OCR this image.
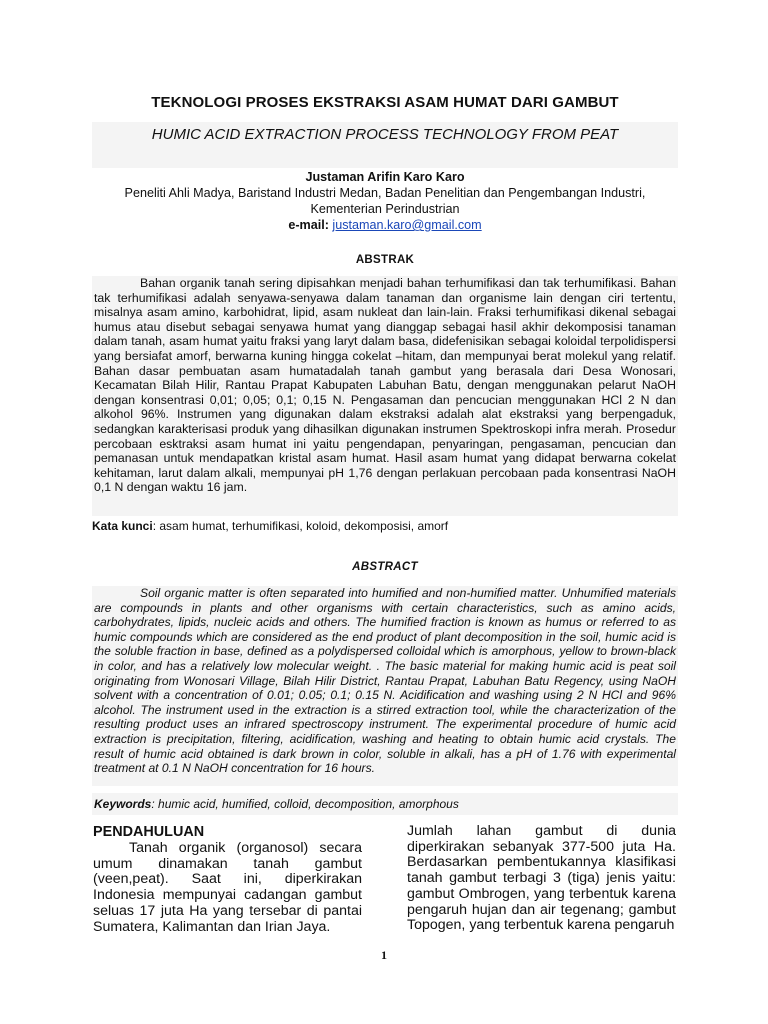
TEKNOLOGI PROSES EKSTRAKSI ASAM HUMAT DARI GAMBUT
HUMIC ACID EXTRACTION PROCESS TECHNOLOGY FROM PEAT
Justaman Arifin Karo Karo
Peneliti Ahli Madya, Baristand Industri Medan, Badan Penelitian dan Pengembangan Industri,
Kementerian Perindustrian
e-mail: justaman.karo@gmail.com
ABSTRAK

Bahan organik tanah sering dipisahkan menjadi bahan terhumifikasi dan tak terhumifikasi. Bahan tak terhumifikasi adalah senyawa-senyawa dalam tanaman dan organisme lain dengan ciri tertentu, misalnya asam amino, karbohidrat, lipid, asam nukleat dan lain-lain. Fraksi terhumifikasi dikenal sebagai humus atau disebut sebagai senyawa humat yang dianggap sebagai hasil akhir dekomposisi tanaman dalam tanah, asam humat yaitu fraksi yang laryt dalam basa, didefenisikan sebagai koloidal terpolidispersi yang bersiafat amorf, berwarna kuning hingga cokelat –hitam, dan mempunyai berat molekul yang relatif. Bahan dasar pembuatan asam humatadalah tanah gambut yang berasala dari Desa Wonosari, Kecamatan Bilah Hilir, Rantau Prapat Kabupaten Labuhan Batu, dengan menggunakan pelarut NaOH dengan konsentrasi 0,01; 0,05; 0,1; 0,15 N. Pengasaman dan pencucian menggunakan HCl 2 N dan alkohol 96%. Instrumen yang digunakan dalam ekstraksi adalah alat ekstraksi yang berpengaduk, sedangkan karakterisasi produk yang dihasilkan digunakan instrumen Spektroskopi infra merah. Prosedur percobaan esktraksi asam humat ini yaitu pengendapan, penyaringan, pengasaman, pencucian dan pemanasan untuk mendapatkan kristal asam humat. Hasil asam humat yang didapat berwarna cokelat kehitaman, larut dalam alkali, mempunyai pH 1,76 dengan perlakuan percobaan pada konsentrasi NaOH 0,1 N dengan waktu 16 jam.

Kata kunci: asam humat, terhumifikasi, koloid, dekomposisi, amorf
ABSTRACT

Soil organic matter is often separated into humified and non-humified matter. Unhumified materials are compounds in plants and other organisms with certain characteristics, such as amino acids, carbohydrates, lipids, nucleic acids and others. The humified fraction is known as humus or referred to as humic compounds which are considered as the end product of plant decomposition in the soil, humic acid is the soluble fraction in base, defined as a polydispersed colloidal which is amorphous, yellow to brown-black in color, and has a relatively low molecular weight. . The basic material for making humic acid is peat soil originating from Wonosari Village, Bilah Hilir District, Rantau Prapat, Labuhan Batu Regency, using NaOH solvent with a concentration of 0.01; 0.05; 0.1; 0.15 N. Acidification and washing using 2 N HCl and 96% alcohol. The instrument used in the extraction is a stirred extraction tool, while the characterization of the resulting product uses an infrared spectroscopy instrument. The experimental procedure of humic acid extraction is precipitation, filtering, acidification, washing and heating to obtain humic acid crystals. The result of humic acid obtained is dark brown in color, soluble in alkali, has a pH of 1.76 with experimental treatment at 0.1 N NaOH concentration for 16 hours.

Keywords: humic acid, humified, colloid, decomposition, amorphous
PENDAHULUAN

Tanah organik (organosol) secara umum dinamakan tanah gambut (veen,peat). Saat ini, diperkirakan Indonesia mempunyai cadangan gambut seluas 17 juta Ha yang tersebar di pantai Sumatera, Kalimantan dan Irian Jaya.

Jumlah lahan gambut di dunia diperkirakan sebanyak 377-500 juta Ha. Berdasarkan pembentukannya klasifikasi tanah gambut terbagi 3 (tiga) jenis yaitu: gambut Ombrogen, yang terbentuk karena pengaruh hujan dan air tegenang; gambut Topogen, yang terbentuk karena pengaruh

1
